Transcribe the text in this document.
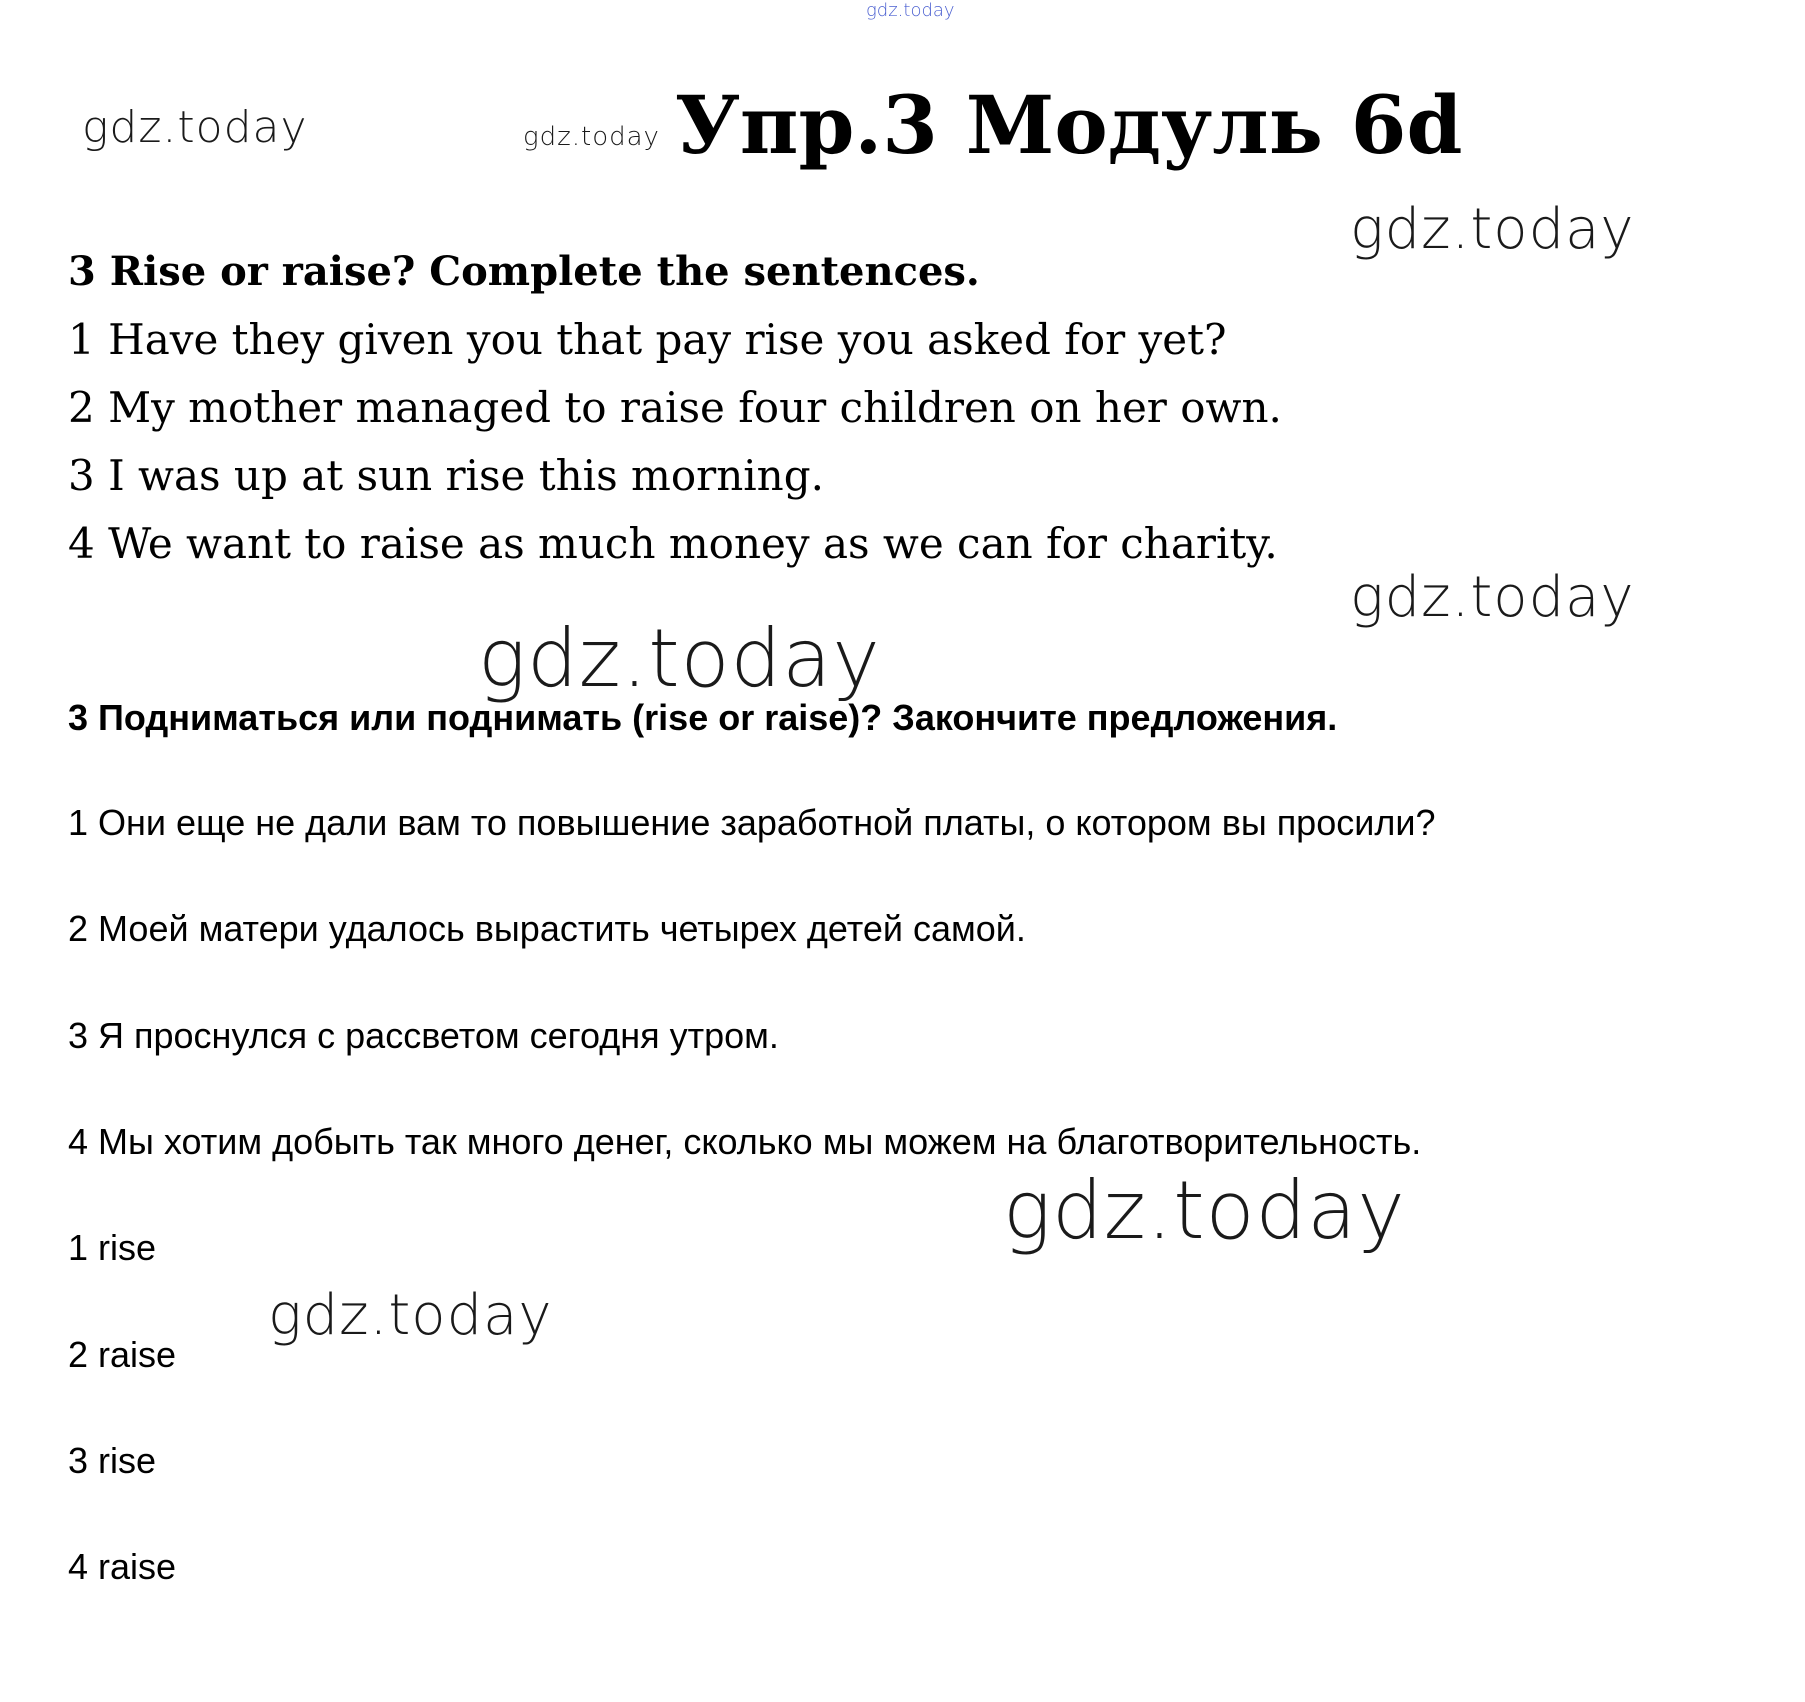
gdz.today
gdz.today	gdz.today
gdz.today
gdz.today
gdz.today
gdz.today
gdz.today
Упр.3 Модуль 6d
3 Rise or raise? Complete the sentences.
1 Have they given you that pay rise you asked for yet?
2 My mother managed to raise four children on her own.
3 I was up at sun rise this morning.
4 We want to raise as much money as we can for charity.
3 Подниматься или поднимать (rise or raise)? Закончите предложения.
1 Они еще не дали вам то повышение заработной платы, о котором вы просили?
2 Моей матери удалось вырастить четырех детей самой.
3 Я проснулся с рассветом сегодня утром.
4 Мы хотим добыть так много денег, сколько мы можем на благотворительность.
1 rise
2 raise
3 rise
4 raise
